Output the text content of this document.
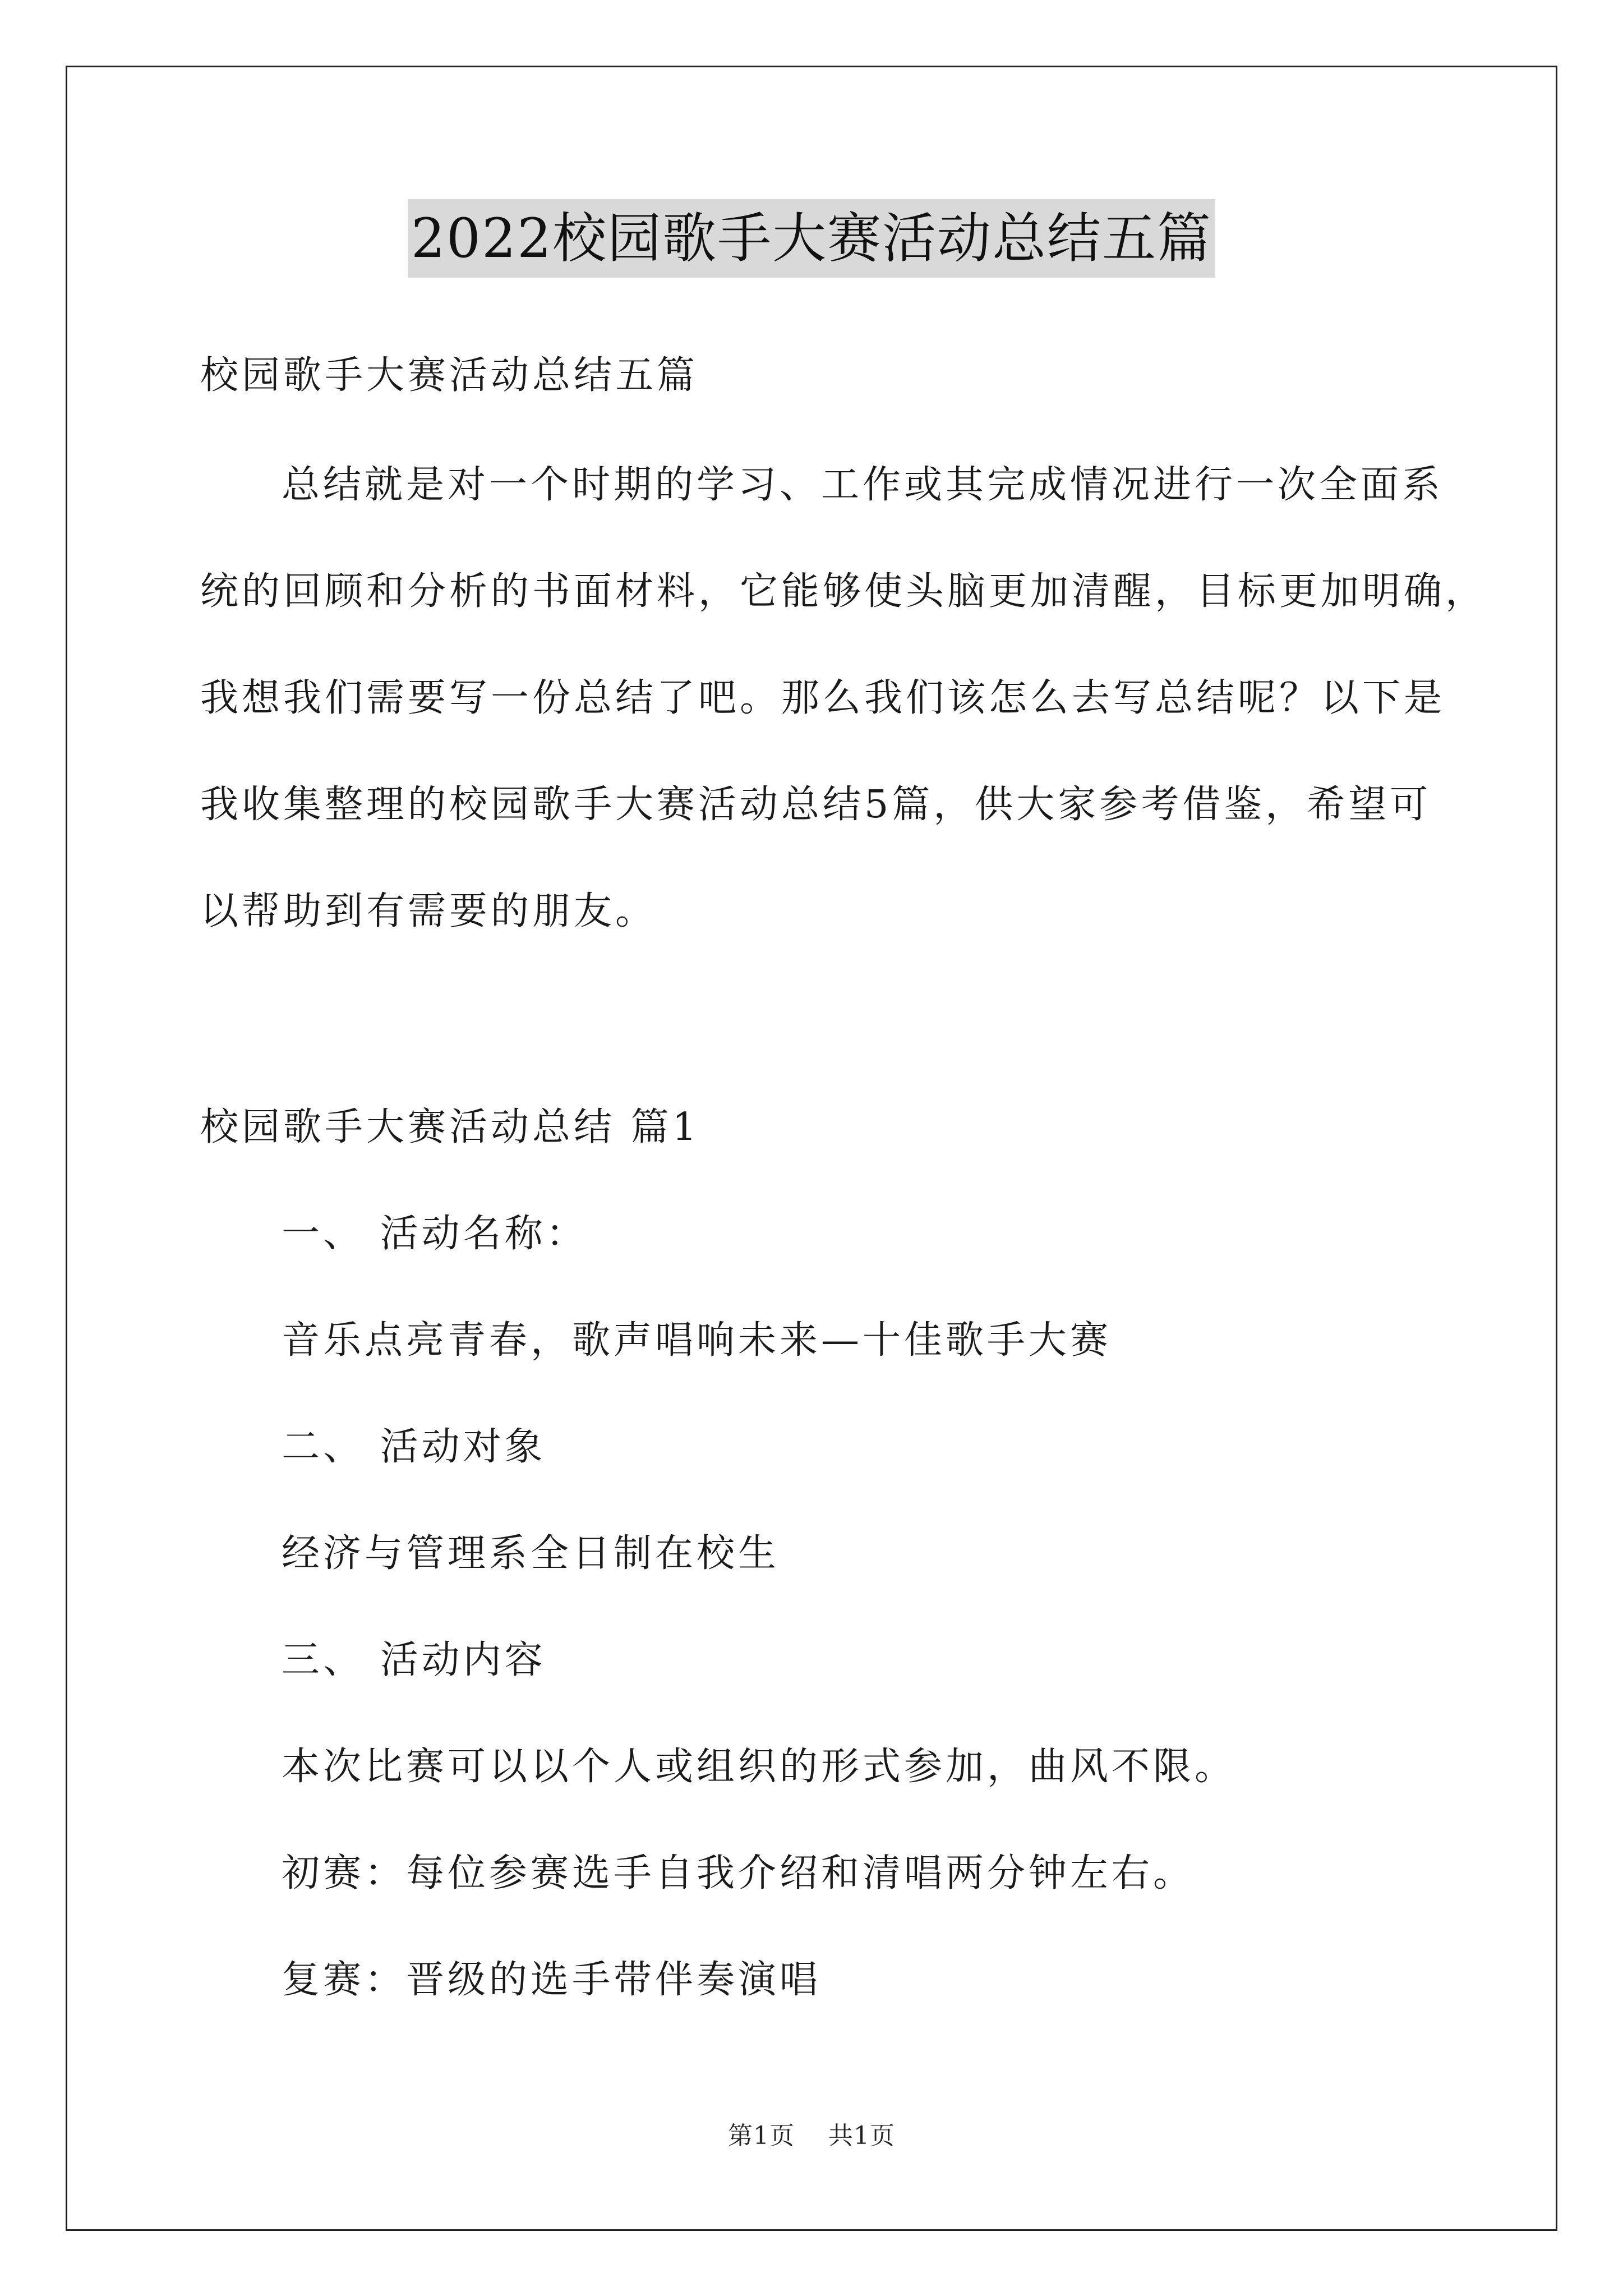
2022校园歌手大赛活动总结五篇
校园歌手大赛活动总结五篇
总结就是对一个时期的学习、工作或其完成情况进行一次全面系
统的回顾和分析的书面材料，它能够使头脑更加清醒，目标更加明确，
我想我们需要写一份总结了吧。那么我们该怎么去写总结呢？以下是
我收集整理的校园歌手大赛活动总结5篇，供大家参考借鉴，希望可
以帮助到有需要的朋友。
校园歌手大赛活动总结 篇1
一、 活动名称：
音乐点亮青春，歌声唱响未来—十佳歌手大赛
二、 活动对象
经济与管理系全日制在校生
三、 活动内容
本次比赛可以以个人或组织的形式参加，曲风不限。
初赛：每位参赛选手自我介绍和清唱两分钟左右。
复赛：晋级的选手带伴奏演唱
第1页 共1页
